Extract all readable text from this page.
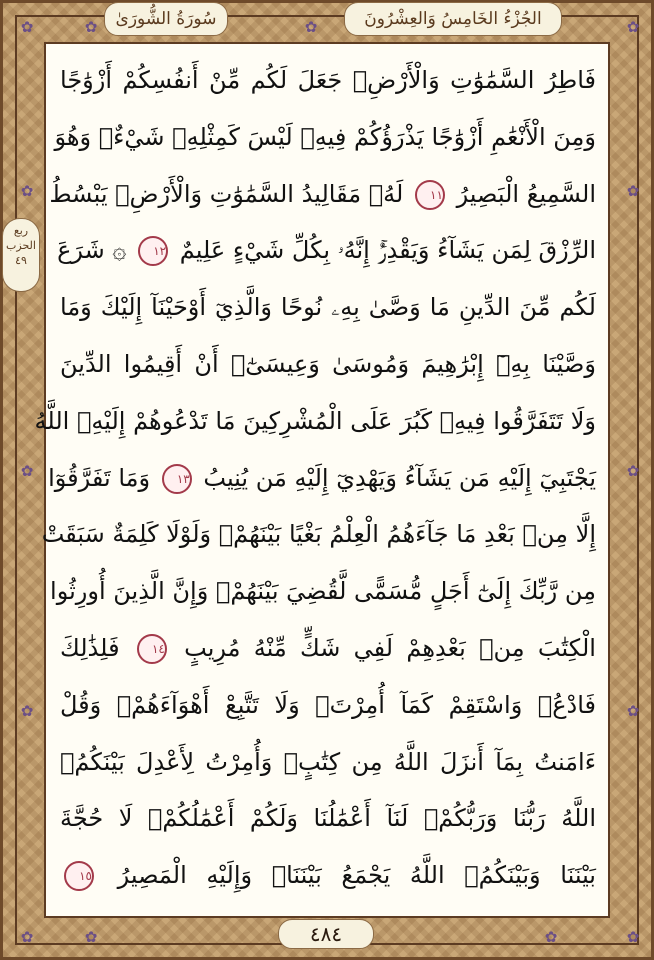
✿	✿
✿	✿
✿
✿
✿
✿
✿
✿
✿	✿
✿	✿
سُورَةُ الشُّورَىٰ	الجُزْءُ الخَامِسُ وَالعِشْرُونَ
ربع
الحزب
٤٩
فَاطِرُ السَّمَٰوَٰتِ وَالْأَرْضِۚ جَعَلَ لَكُم مِّنْ أَنفُسِكُمْ أَزْوَٰجًا
وَمِنَ الْأَنْعَٰمِ أَزْوَٰجًا يَذْرَؤُكُمْ فِيهِۚ لَيْسَ كَمِثْلِهِۦ شَيْءٌۖ وَهُوَ
السَّمِيعُ الْبَصِيرُ ١١ لَهُۥ مَقَالِيدُ السَّمَٰوَٰتِ وَالْأَرْضِۖ يَبْسُطُ
الرِّزْقَ لِمَن يَشَآءُ وَيَقْدِرُۚ إِنَّهُۥ بِكُلِّ شَيْءٍ عَلِيمٌ ١٢ ۞ شَرَعَ
لَكُم مِّنَ الدِّينِ مَا وَصَّىٰ بِهِۦ نُوحًا وَالَّذِيٓ أَوْحَيْنَآ إِلَيْكَ وَمَا
وَصَّيْنَا بِهِۦٓ إِبْرَٰهِيمَ وَمُوسَىٰ وَعِيسَىٰٓۖ أَنْ أَقِيمُوا الدِّينَ
وَلَا تَتَفَرَّقُوا فِيهِۚ كَبُرَ عَلَى الْمُشْرِكِينَ مَا تَدْعُوهُمْ إِلَيْهِۚ اللَّهُ
يَجْتَبِيٓ إِلَيْهِ مَن يَشَآءُ وَيَهْدِيٓ إِلَيْهِ مَن يُنِيبُ ١٣ وَمَا تَفَرَّقُوٓا
إِلَّا مِنۢ بَعْدِ مَا جَآءَهُمُ الْعِلْمُ بَغْيًا بَيْنَهُمْۚ وَلَوْلَا كَلِمَةٌ سَبَقَتْ
مِن رَّبِّكَ إِلَىٰٓ أَجَلٍ مُّسَمًّى لَّقُضِيَ بَيْنَهُمْۚ وَإِنَّ الَّذِينَ أُورِثُوا
الْكِتَٰبَ مِنۢ بَعْدِهِمْ لَفِي شَكٍّ مِّنْهُ مُرِيبٍ ١٤ فَلِذَٰلِكَ
فَادْعُۖ وَاسْتَقِمْ كَمَآ أُمِرْتَۖ وَلَا تَتَّبِعْ أَهْوَآءَهُمْۖ وَقُلْ
ءَامَنتُ بِمَآ أَنزَلَ اللَّهُ مِن كِتَٰبٍۖ وَأُمِرْتُ لِأَعْدِلَ بَيْنَكُمُۖ
اللَّهُ رَبُّنَا وَرَبُّكُمْۖ لَنَآ أَعْمَٰلُنَا وَلَكُمْ أَعْمَٰلُكُمْۖ لَا حُجَّةَ
بَيْنَنَا وَبَيْنَكُمُۖ اللَّهُ يَجْمَعُ بَيْنَنَاۖ وَإِلَيْهِ الْمَصِيرُ ١٥
٤٨٤
